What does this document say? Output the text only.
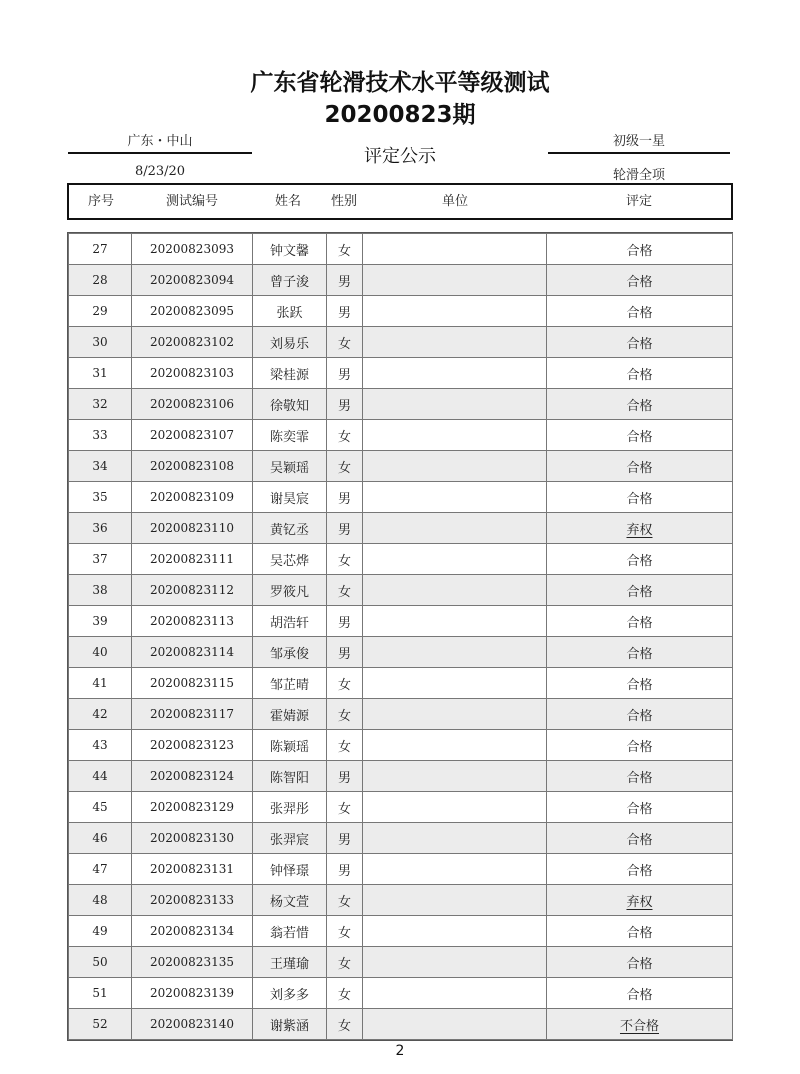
广东省轮滑技术水平等级测试
20200823期
广东・中山
8/23/20
评定公示
初级一星
轮滑全项
序号	测试编号	姓名	性别	单位	评定
27	20200823093	钟文馨	女		合格
28	20200823094	曾子浚	男		合格
29	20200823095	张跃	男		合格
30	20200823102	刘易乐	女		合格
31	20200823103	梁桂源	男		合格
32	20200823106	徐敬知	男		合格
33	20200823107	陈奕霏	女		合格
34	20200823108	吴颖瑶	女		合格
35	20200823109	谢昊宸	男		合格
36	20200823110	黄钇丞	男		弃权
37	20200823111	吴芯烨	女		合格
38	20200823112	罗筱凡	女		合格
39	20200823113	胡浩轩	男		合格
40	20200823114	邹承俊	男		合格
41	20200823115	邹芷晴	女		合格
42	20200823117	霍婧源	女		合格
43	20200823123	陈颖瑶	女		合格
44	20200823124	陈智阳	男		合格
45	20200823129	张羿彤	女		合格
46	20200823130	张羿宸	男		合格
47	20200823131	钟怿璟	男		合格
48	20200823133	杨文萱	女		弃权
49	20200823134	翁若惜	女		合格
50	20200823135	王瑾瑜	女		合格
51	20200823139	刘多多	女		合格
52	20200823140	谢紫涵	女		不合格
2
